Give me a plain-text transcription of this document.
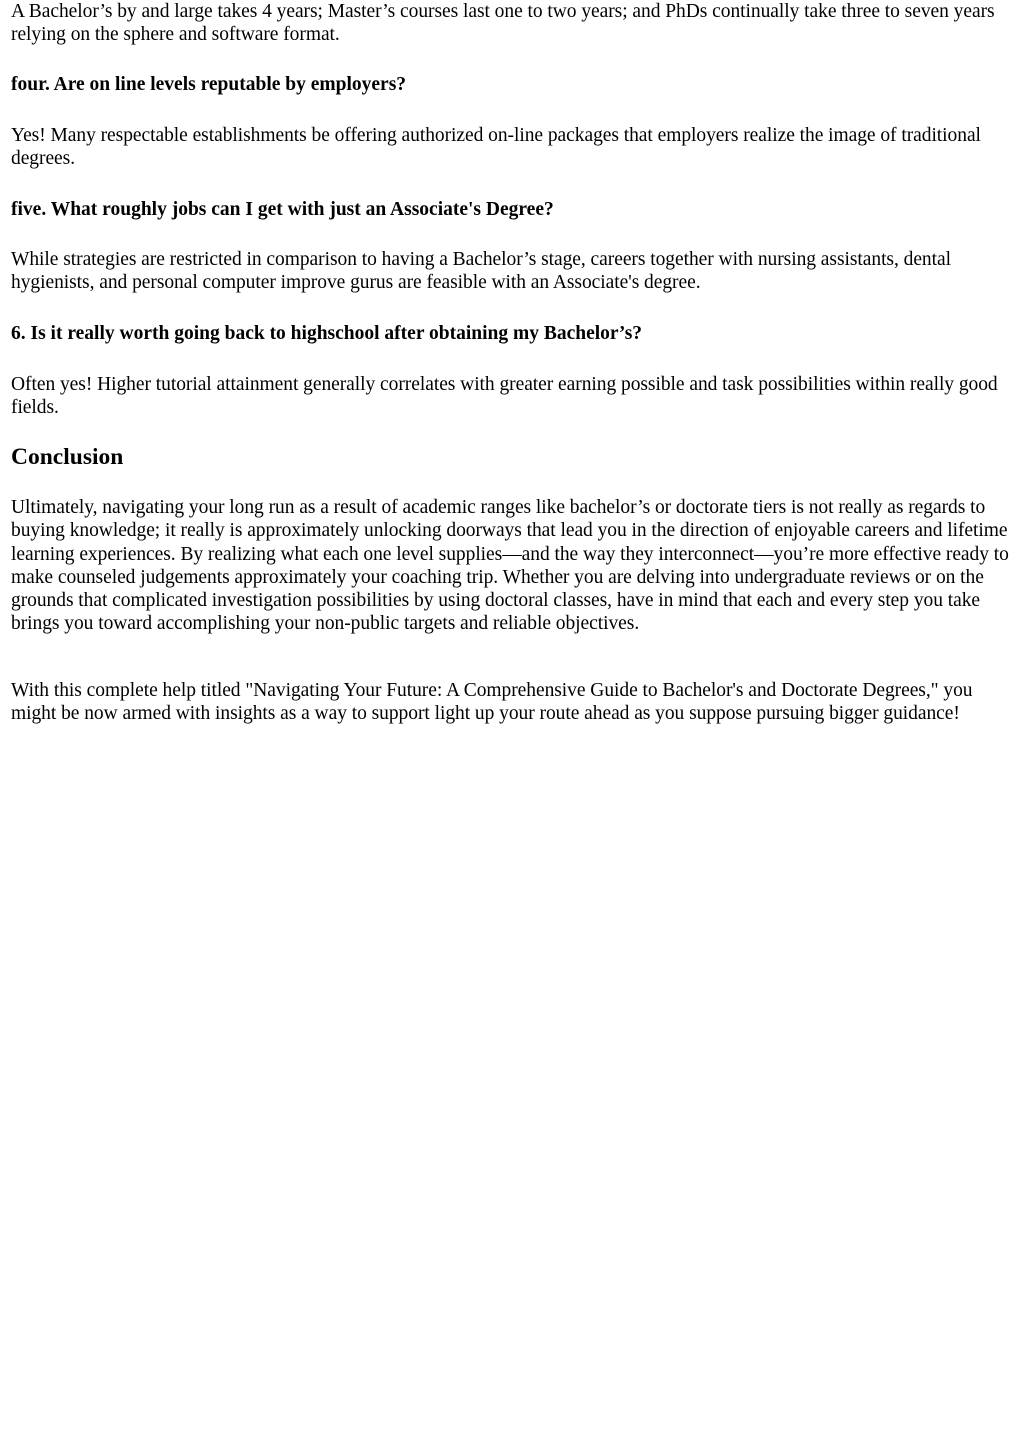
A Bachelor’s by and large takes 4 years; Master’s courses last one to two years; and PhDs continually take three to seven years relying on the sphere and software format.

four. Are on line levels reputable by employers?

Yes! Many respectable establishments be offering authorized on-line packages that employers realize the image of traditional degrees.

five. What roughly jobs can I get with just an Associate's Degree?

While strategies are restricted in comparison to having a Bachelor’s stage, careers together with nursing assistants, dental hygienists, and personal computer improve gurus are feasible with an Associate's degree.

6. Is it really worth going back to highschool after obtaining my Bachelor’s?

Often yes! Higher tutorial attainment generally correlates with greater earning possible and task possibilities within really good fields.

Conclusion

Ultimately, navigating your long run as a result of academic ranges like bachelor’s or doctorate tiers is not really as regards to buying knowledge; it really is approximately unlocking doorways that lead you in the direction of enjoyable careers and lifetime learning experiences. By realizing what each one level supplies—and the way they interconnect—you’re more effective ready to make counseled judgements approximately your coaching trip. Whether you are delving into undergraduate reviews or on the grounds that complicated investigation possibilities by using doctoral classes, have in mind that each and every step you take brings you toward accomplishing your non-public targets and reliable objectives.

With this complete help titled "Navigating Your Future: A Comprehensive Guide to Bachelor's and Doctorate Degrees," you might be now armed with insights as a way to support light up your route ahead as you suppose pursuing bigger guidance!
